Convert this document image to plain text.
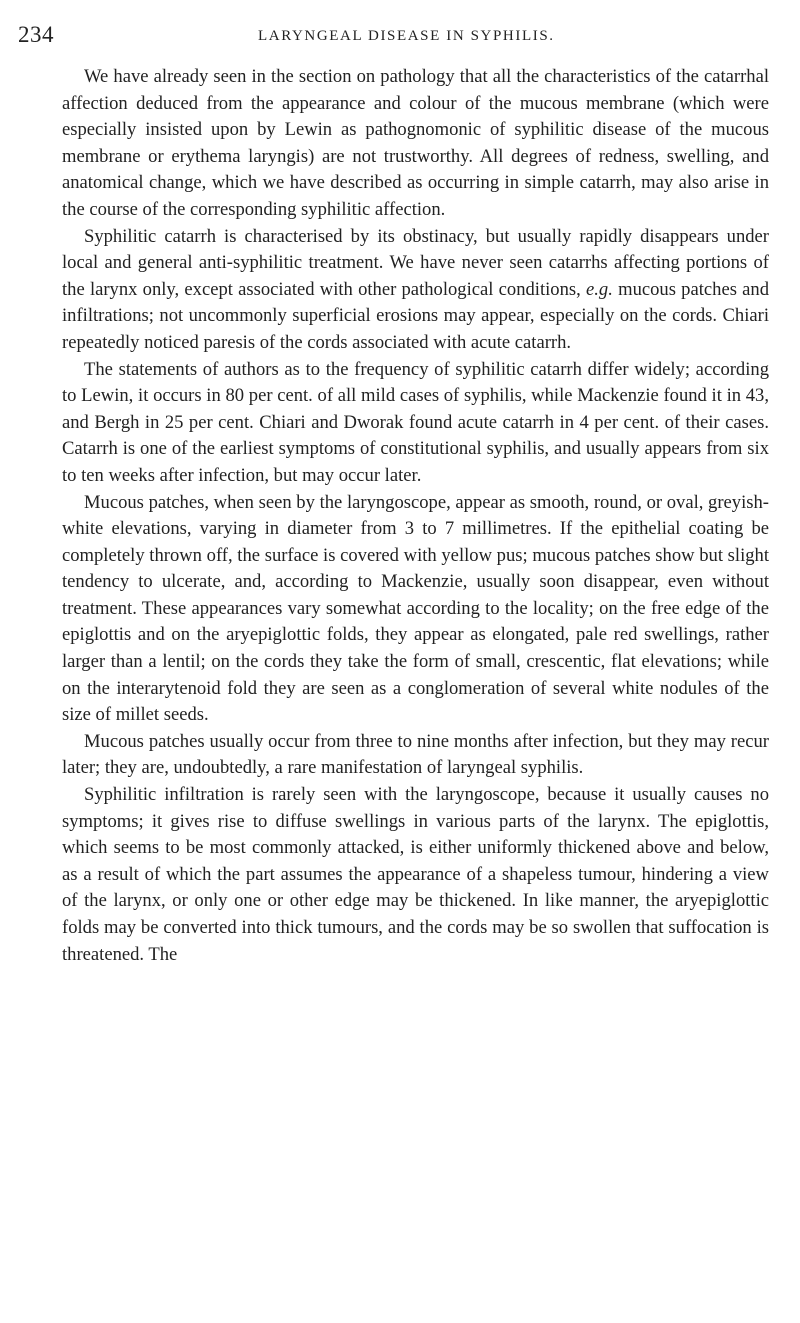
234	LARYNGEAL DISEASE IN SYPHILIS.

We have already seen in the section on pathology that all the characteristics of the catarrhal affection deduced from the appearance and colour of the mucous membrane (which were especially insisted upon by Lewin as pathognomonic of syphilitic disease of the mucous membrane or erythema laryngis) are not trustworthy. All degrees of redness, swelling, and anatomical change, which we have described as occurring in simple catarrh, may also arise in the course of the corresponding syphilitic affection.

Syphilitic catarrh is characterised by its obstinacy, but usually rapidly disappears under local and general anti-syphilitic treatment. We have never seen catarrhs affecting portions of the larynx only, except associated with other pathological conditions, e.g. mucous patches and infiltrations; not uncommonly superficial erosions may appear, especially on the cords. Chiari repeatedly noticed paresis of the cords associated with acute catarrh.

The statements of authors as to the frequency of syphilitic catarrh differ widely; according to Lewin, it occurs in 80 per cent. of all mild cases of syphilis, while Mackenzie found it in 43, and Bergh in 25 per cent. Chiari and Dworak found acute catarrh in 4 per cent. of their cases. Catarrh is one of the earliest symptoms of constitutional syphilis, and usually appears from six to ten weeks after infection, but may occur later.

Mucous patches, when seen by the laryngoscope, appear as smooth, round, or oval, greyish-white elevations, varying in diameter from 3 to 7 millimetres. If the epithelial coating be completely thrown off, the surface is covered with yellow pus; mucous patches show but slight tendency to ulcerate, and, according to Mackenzie, usually soon disappear, even without treatment. These appearances vary somewhat according to the locality; on the free edge of the epiglottis and on the aryepiglottic folds, they appear as elongated, pale red swellings, rather larger than a lentil; on the cords they take the form of small, crescentic, flat elevations; while on the interarytenoid fold they are seen as a conglomeration of several white nodules of the size of millet seeds.

Mucous patches usually occur from three to nine months after infection, but they may recur later; they are, undoubtedly, a rare manifestation of laryngeal syphilis.

Syphilitic infiltration is rarely seen with the laryngoscope, because it usually causes no symptoms; it gives rise to diffuse swellings in various parts of the larynx. The epiglottis, which seems to be most commonly attacked, is either uniformly thickened above and below, as a result of which the part assumes the appearance of a shapeless tumour, hindering a view of the larynx, or only one or other edge may be thickened. In like manner, the aryepiglottic folds may be converted into thick tumours, and the cords may be so swollen that suffocation is threatened. The
